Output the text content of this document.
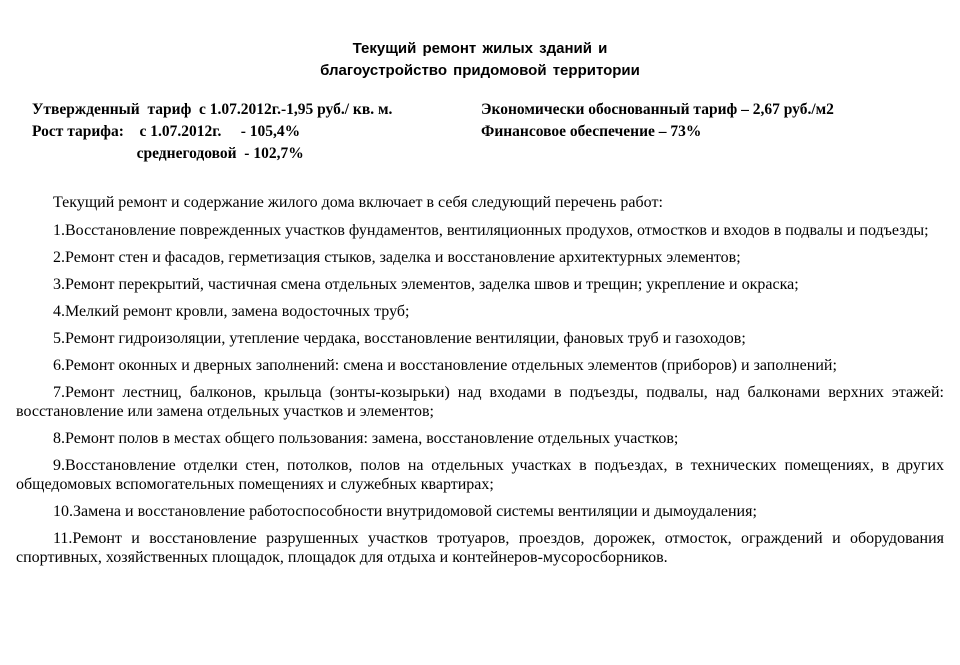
Текущий ремонт жилых зданий и
благоустройство придомовой территории
Утвержденный  тариф  с 1.07.2012г.-1,95 руб./ кв. м.
Рост тарифа:    с 1.07.2012г.     - 105,4%
среднегодовой  - 102,7%
Экономически обоснованный тариф – 2,67 руб./м2
Финансовое обеспечение – 73%

Текущий ремонт и содержание жилого дома включает в себя следующий перечень работ:

1.Восстановление поврежденных участков фундаментов, вентиляционных продухов, отмостков и входов в подвалы и подъезды;

2.Ремонт стен и фасадов, герметизация стыков, заделка и восстановление архитектурных элементов;

3.Ремонт перекрытий, частичная смена отдельных элементов, заделка швов и трещин; укрепление и окраска;

4.Мелкий ремонт кровли, замена водосточных труб;

5.Ремонт гидроизоляции, утепление чердака, восстановление вентиляции, фановых труб и газоходов;

6.Ремонт оконных и дверных заполнений: смена и восстановление отдельных элементов (приборов) и заполнений;

7.Ремонт лестниц, балконов, крыльца (зонты-козырьки) над входами в подъезды, подвалы, над балконами верхних этажей: восстановление или замена отдельных участков и элементов;

8.Ремонт полов в местах общего пользования: замена, восстановление отдельных участков;

9.Восстановление отделки стен, потолков, полов на отдельных участках в подъездах, в технических помещениях, в других общедомовых вспомогательных помещениях и служебных квартирах;

10.Замена и восстановление работоспособности внутридомовой системы вентиляции и дымоудаления;

11.Ремонт и восстановление разрушенных участков тротуаров, проездов, дорожек, отмосток, ограждений и оборудования спортивных, хозяйственных площадок, площадок для отдыха и контейнеров-мусоросборников.
